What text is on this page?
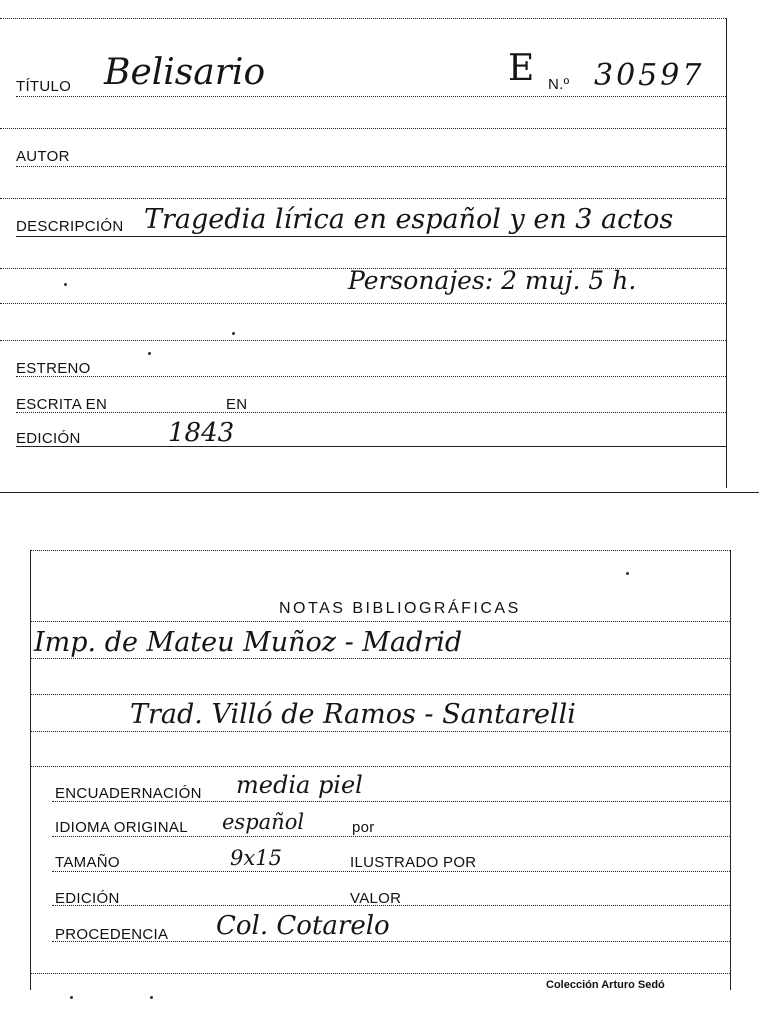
TÍTULO Belisario	E N.º 30597
AUTOR
DESCRIPCIÓN Tragedia lírica en español y en 3 actos
Personajes: 2 muj. 5 h.
ESTRENO
ESCRITA EN	EN
EDICIÓN	1843
NOTAS BIBLIOGRÁFICAS
Imp. de Mateu Muñoz - Madrid
Trad. Villó de Ramos - Santarelli
ENCUADERNACIÓN media piel
IDIOMA ORIGINAL español	por
TAMAÑO	9x15	ILUSTRADO POR
EDICIÓN	VALOR
PROCEDENCIA Col. Cotarelo
Colección Arturo Sedó
